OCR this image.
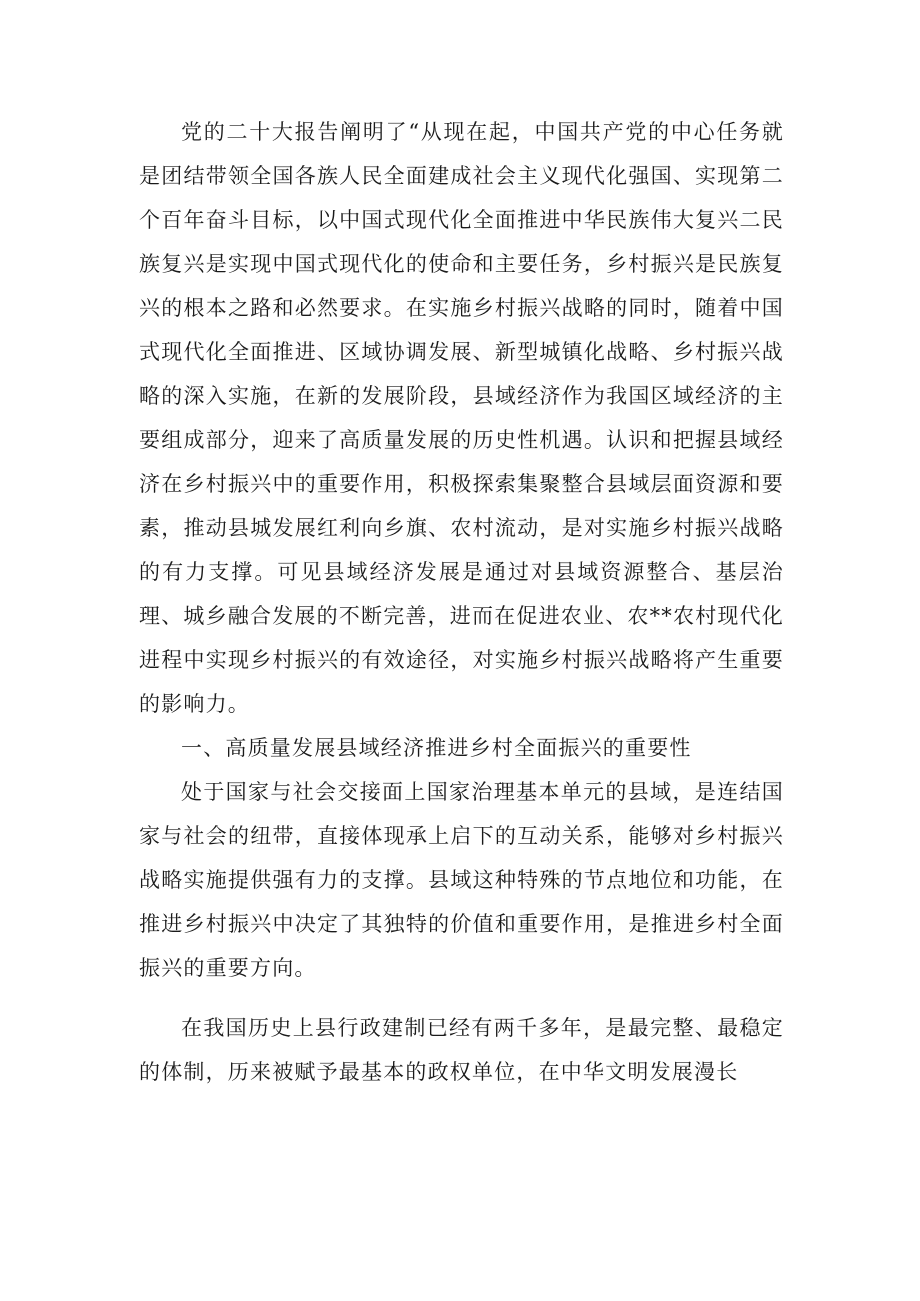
党的二十大报告阐明了“从现在起，中国共产党的中心任务就是团结带领全国各族人民全面建成社会主义现代化强国、实现第二个百年奋斗目标，以中国式现代化全面推进中华民族伟大复兴二民族复兴是实现中国式现代化的使命和主要任务，乡村振兴是民族复兴的根本之路和必然要求。在实施乡村振兴战略的同时，随着中国式现代化全面推进、区域协调发展、新型城镇化战略、乡村振兴战略的深入实施，在新的发展阶段，县域经济作为我国区域经济的主要组成部分，迎来了高质量发展的历史性机遇。认识和把握县域经济在乡村振兴中的重要作用，积极探索集聚整合县域层面资源和要素，推动县城发展红利向乡旗、农村流动，是对实施乡村振兴战略的有力支撑。可见县域经济发展是通过对县域资源整合、基层治理、城乡融合发展的不断完善，进而在促进农业、农**农村现代化进程中实现乡村振兴的有效途径，对实施乡村振兴战略将产生重要的影响力。

一、高质量发展县域经济推进乡村全面振兴的重要性

处于国家与社会交接面上国家治理基本单元的县域，是连结国家与社会的纽带，直接体现承上启下的互动关系，能够对乡村振兴战略实施提供强有力的支撑。县域这种特殊的节点地位和功能，在推进乡村振兴中决定了其独特的价值和重要作用，是推进乡村全面振兴的重要方向。

在我国历史上县行政建制已经有两千多年，是最完整、最稳定的体制，历来被赋予最基本的政权单位，在中华文明发展漫长
